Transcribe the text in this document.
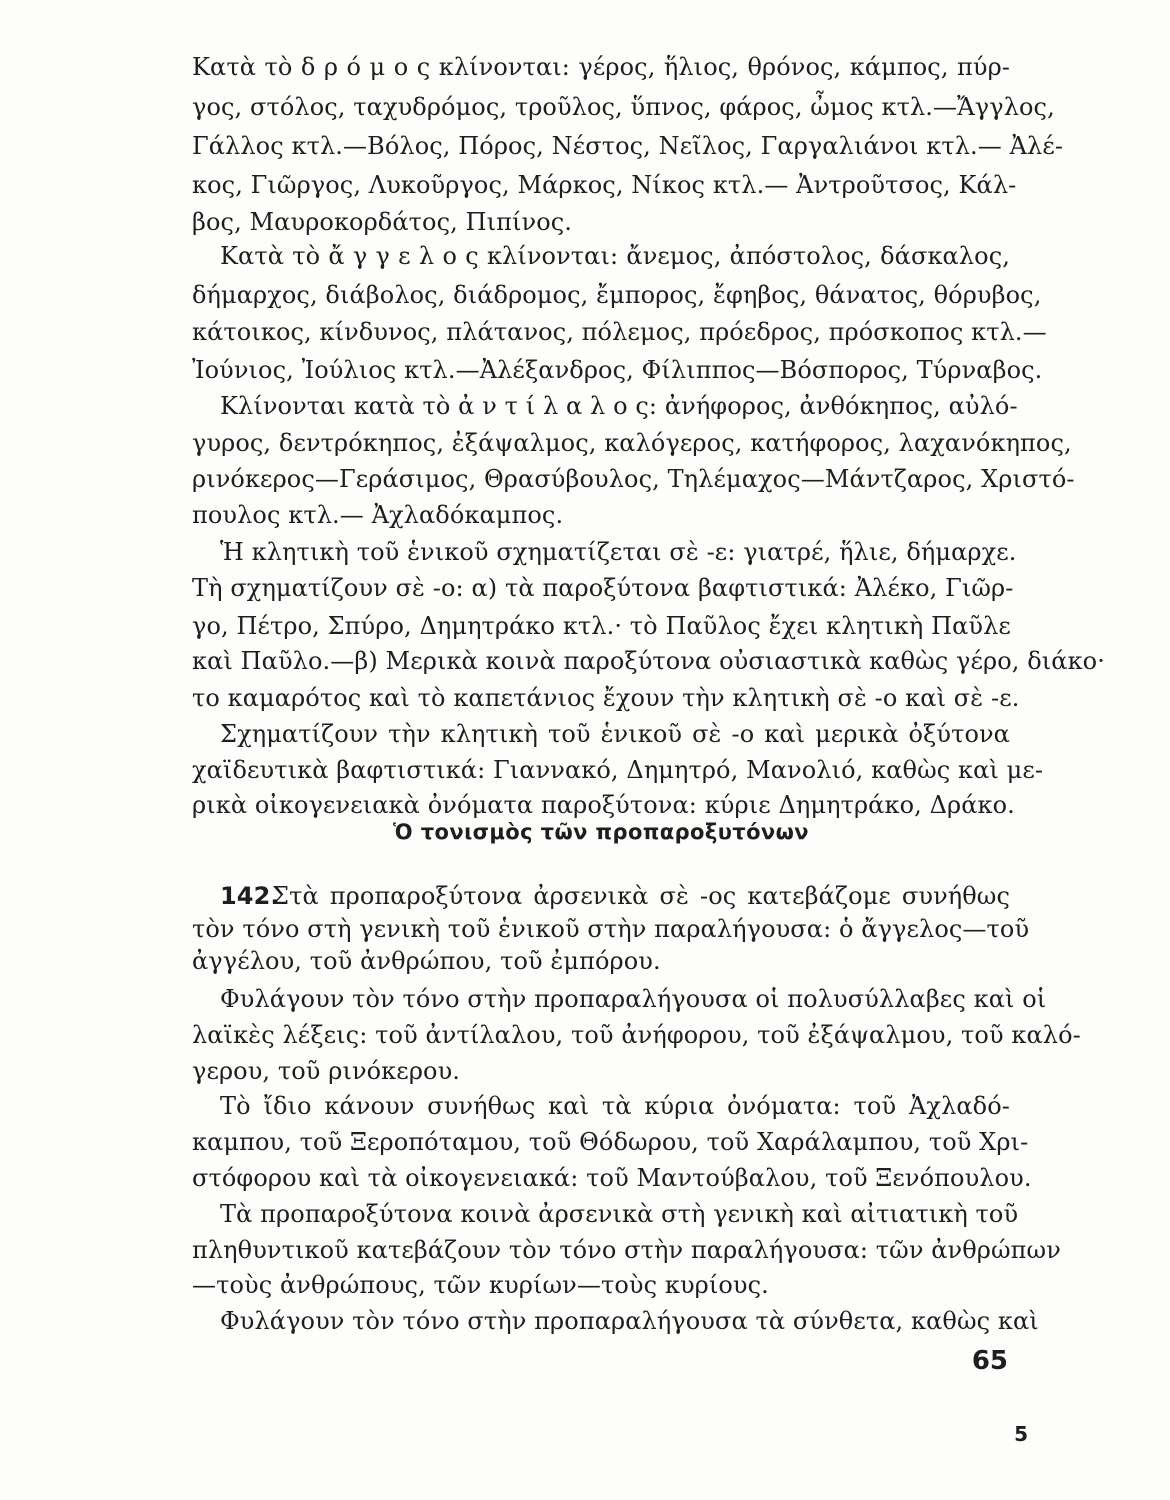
Κατὰ τὸ δ ρ ό μ ο ς κλίνονται: γέρος, ἥλιος, θρόνος, κάμπος, πύρ-
γος, στόλος, ταχυδρόμος, τροῦλος, ὕπνος, φάρος, ὦμος κτλ.—Ἄγγλος,
Γάλλος κτλ.—Βόλος, Πόρος, Νέστος, Νεῖλος, Γαργαλιάνοι κτλ.— Ἀλέ-
κος, Γιῶργος, Λυκοῦργος, Μάρκος, Νίκος κτλ.— Ἀντροῦτσος, Κάλ-
βος, Μαυροκορδάτος, Πιπίνος.
Κατὰ τὸ ἄ γ γ ε λ ο ς κλίνονται: ἄνεμος, ἀπόστολος, δάσκαλος,
δήμαρχος, διάβολος, διάδρομος, ἔμπορος, ἔφηβος, θάνατος, θόρυβος,
κάτοικος, κίνδυνος, πλάτανος, πόλεμος, πρόεδρος, πρόσκοπος κτλ.—
Ἰούνιος, Ἰούλιος κτλ.—Ἀλέξανδρος, Φίλιππος—Βόσπορος, Τύρναβος.
Κλίνονται κατὰ τὸ ἀ ν τ ί λ α λ ο ς: ἀνήφορος, ἀνθόκηπος, αὐλό-
γυρος, δεντρόκηπος, ἐξάψαλμος, καλόγερος, κατήφορος, λαχανόκηπος,
ρινόκερος—Γεράσιμος, Θρασύβουλος, Τηλέμαχος—Μάντζαρος, Χριστό-
πουλος κτλ.— Ἀχλαδόκαμπος.
Ἡ κλητικὴ τοῦ ἑνικοῦ σχηματίζεται σὲ -ε: γιατρέ, ἥλιε, δήμαρχε.
Τὴ σχηματίζουν σὲ -ο: α) τὰ παροξύτονα βαφτιστικά: Ἀλέκο, Γιῶρ-
γο, Πέτρο, Σπύρο, Δημητράκο κτλ.· τὸ Παῦλος ἔχει κλητικὴ Παῦλε
καὶ Παῦλο.—β) Μερικὰ κοινὰ παροξύτονα οὐσιαστικὰ καθὼς γέρο, διάκο·
το καμαρότος καὶ τὸ καπετάνιος ἔχουν τὴν κλητικὴ σὲ -ο καὶ σὲ -ε.
Σχηματίζουν τὴν κλητικὴ τοῦ ἑνικοῦ σὲ -ο καὶ μερικὰ ὀξύτονα
χαϊδευτικὰ βαφτιστικά: Γιαννακό, Δημητρό, Μανολιό, καθὼς καὶ με-
ρικὰ οἰκογενειακὰ ὀνόματα παροξύτονα: κύριε Δημητράκο, Δράκο.
Ὁ τονισμὸς τῶν προπαροξυτόνων
142.
Στὰ προπαροξύτονα ἀρσενικὰ σὲ -ος κατεβάζομε συνήθως
τὸν τόνο στὴ γενικὴ τοῦ ἑνικοῦ στὴν παραλήγουσα: ὁ ἄγγελος—τοῦ
ἀγγέλου, τοῦ ἀνθρώπου, τοῦ ἐμπόρου.
Φυλάγουν τὸν τόνο στὴν προπαραλήγουσα οἱ πολυσύλλαβες καὶ οἱ
λαϊκὲς λέξεις: τοῦ ἀντίλαλου, τοῦ ἀνήφορου, τοῦ ἐξάψαλμου, τοῦ καλό-
γερου, τοῦ ρινόκερου.
Τὸ ἴδιο κάνουν συνήθως καὶ τὰ κύρια ὀνόματα: τοῦ Ἀχλαδό-
καμπου, τοῦ Ξεροπόταμου, τοῦ Θόδωρου, τοῦ Χαράλαμπου, τοῦ Χρι-
στόφορου καὶ τὰ οἰκογενειακά: τοῦ Μαντούβαλου, τοῦ Ξενόπουλου.
Τὰ προπαροξύτονα κοινὰ ἀρσενικὰ στὴ γενικὴ καὶ αἰτιατικὴ τοῦ
πληθυντικοῦ κατεβάζουν τὸν τόνο στὴν παραλήγουσα: τῶν ἀνθρώπων
—τοὺς ἀνθρώπους, τῶν κυρίων—τοὺς κυρίους.
Φυλάγουν τὸν τόνο στὴν προπαραλήγουσα τὰ σύνθετα, καθὼς καὶ
65
5
